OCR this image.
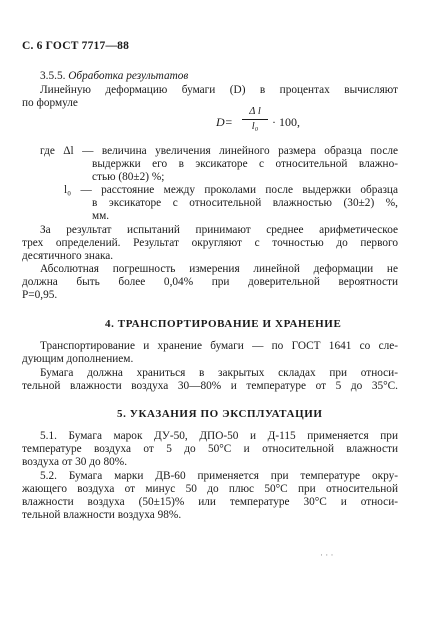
С. 6 ГОСТ 7717—88
3.5.5. Обработка результатов
Линейную деформацию бумаги (D) в процентах вычисляют
по формуле
D=
Δ l
l₀	· 100,
где Δl — величина увеличения линейного размера образца после
выдержки его в эксикаторе с относительной влажно-
стью (80±2) %;
l₀ — расстояние между проколами после выдержки образца
в эксикаторе с относительной влажностью (30±2) %,
мм.
За результат испытаний принимают среднее арифметическое
трех определений. Результат округляют с точностью до первого
десятичного знака.
Абсолютная погрешность измерения линейной деформации не
должна быть более 0,04% при доверительной вероятности
P=0,95.
4. ТРАНСПОРТИРОВАНИЕ И ХРАНЕНИЕ
Транспортирование и хранение бумаги — по ГОСТ 1641 со сле-
дующим дополнением.
Бумага должна храниться в закрытых складах при относи-
тельной влажности воздуха 30—80% и температуре от 5 до 35°С.
5. УКАЗАНИЯ ПО ЭКСПЛУАТАЦИИ
5.1. Бумага марок ДУ-50, ДПО-50 и Д-115 применяется при
температуре воздуха от 5 до 50°С и относительной влажности
воздуха от 30 до 80%.
5.2. Бумага марки ДВ-60 применяется при температуре окру-
жающего воздуха от минус 50 до плюс 50°С при относительной
влажности воздуха (50±15)% или температуре 30°С и относи-
тельной влажности воздуха 98%.
· · ·
